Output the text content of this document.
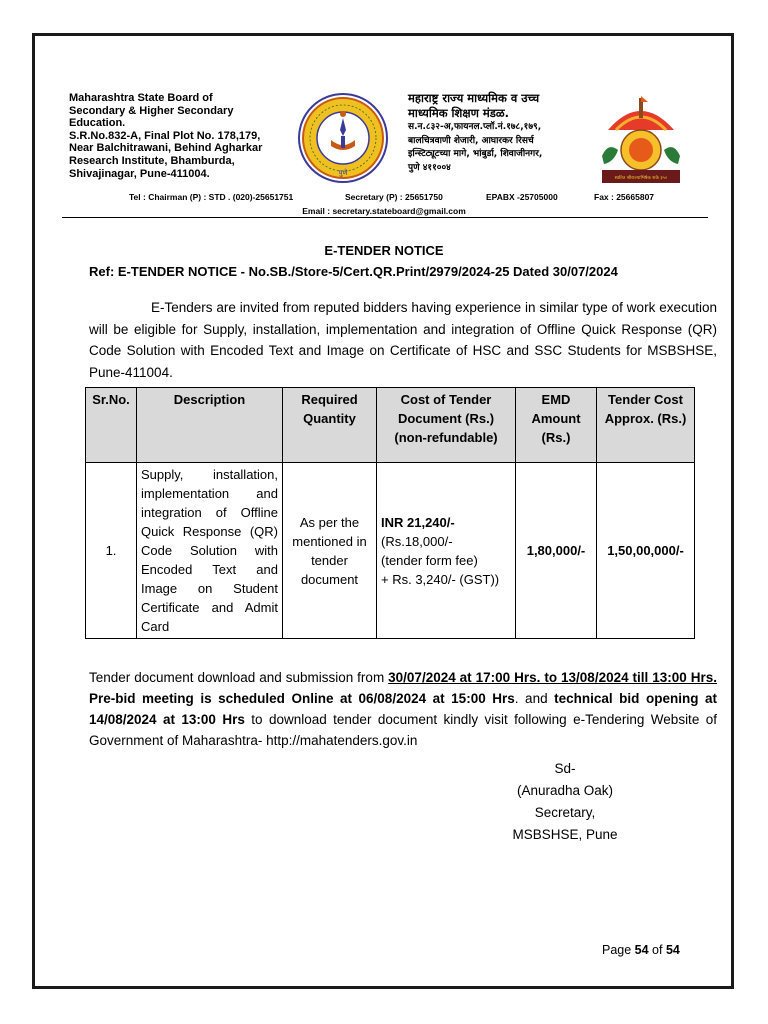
Maharashtra State Board of
Secondary & Higher Secondary
Education.
S.R.No.832-A, Final Plot No. 178,179,
Near Balchitrawani, Behind Agharkar
Research Institute, Bhamburda,
Shivajinagar, Pune-411004.	पुणे
महाराष्ट्र राज्य माध्यमिक व उच्च
माध्यमिक शिक्षण मंडळ.
स.न.८३२-अ,फायनल.प्लॉ.नं.१७८,१७९,
बालचित्रवाणी शेजारी, आघारकर रिसर्च
इन्स्टिट्यूटच्या मागे, भांबुर्डा, शिवाजीनगर,
पुणे ४११००४
स्वतित श्रीराज्याभिषेक शके ३५०
Tel : Chairman (P) : STD . (020)-25651751	Secretary (P) : 25651750	EPABX -25705000	Fax : 25665807
Email : secretary.stateboard@gmail.com
E-TENDER NOTICE
Ref: E-TENDER NOTICE - No.SB./Store-5/Cert.QR.Print/2979/2024-25 Dated 30/07/2024
E-Tenders are invited from reputed bidders having experience in similar type of work execution will be eligible for Supply, installation, implementation and integration of Offline Quick Response (QR) Code Solution with Encoded Text and Image on Certificate of HSC and SSC Students for MSBSHSE, Pune-411004.
Sr.No.	Description	Required Quantity	Cost of Tender Document (Rs.) (non-refundable)	EMD Amount (Rs.)	Tender Cost Approx. (Rs.)
1.	Supply, installation, implementation and integration of Offline Quick Response (QR) Code Solution with Encoded Text and Image on Student Certificate and Admit Card	As per the mentioned in tender document	INR 21,240/-
(Rs.18,000/-
(tender form fee)
+ Rs. 3,240/- (GST))	1,80,000/-	1,50,00,000/-
Tender document download and submission from 30/07/2024 at 17:00 Hrs. to 13/08/2024 till 13:00 Hrs. Pre-bid meeting is scheduled Online at 06/08/2024 at 15:00 Hrs. and technical bid opening at 14/08/2024 at 13:00 Hrs to download tender document kindly visit following e-Tendering Website of Government of Maharashtra- http://mahatenders.gov.in
Sd-
(Anuradha Oak)
Secretary,
MSBSHSE, Pune
Page 54 of 54
